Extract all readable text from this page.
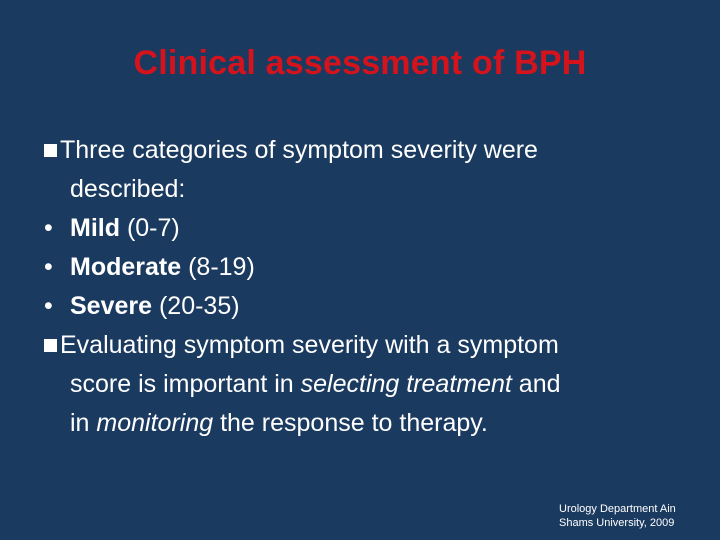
Clinical assessment of BPH
Three categories of symptom severity were
described:
• Mild (0-7)
• Moderate (8-19)
• Severe (20-35)
Evaluating symptom severity with a symptom
score is important in selecting treatment and
in monitoring the response to therapy.
Urology Department Ain
Shams University, 2009
